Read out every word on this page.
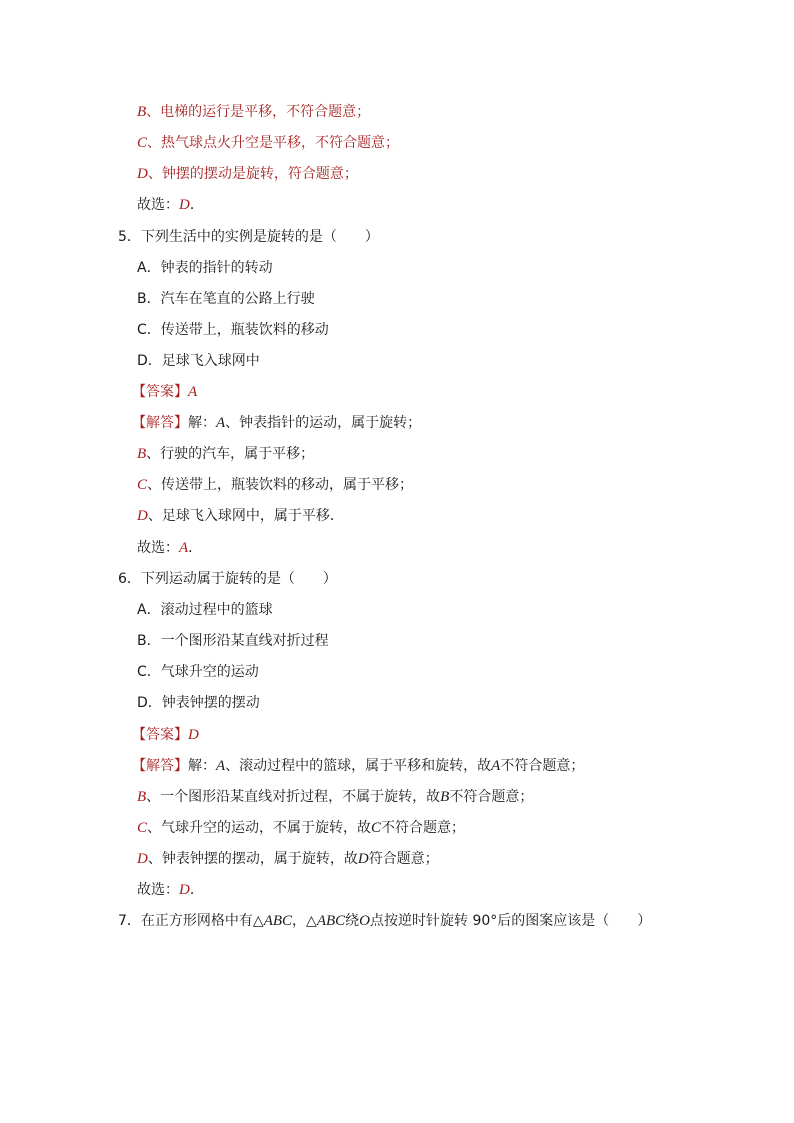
B、电梯的运行是平移，不符合题意；
C、热气球点火升空是平移，不符合题意；
D、钟摆的摆动是旋转，符合题意；
故选：D．
5．下列生活中的实例是旋转的是（　　）
A．钟表的指针的转动
B．汽车在笔直的公路上行驶
C．传送带上，瓶装饮料的移动
D．足球飞入球网中
【答案】A
【解答】解：A、钟表指针的运动，属于旋转；
B、行驶的汽车，属于平移；
C、传送带上，瓶装饮料的移动，属于平移；
D、足球飞入球网中，属于平移．
故选：A．
6．下列运动属于旋转的是（　　）
A．滚动过程中的篮球
B．一个图形沿某直线对折过程
C．气球升空的运动
D．钟表钟摆的摆动
【答案】D
【解答】解：A、滚动过程中的篮球，属于平移和旋转，故A不符合题意；
B、一个图形沿某直线对折过程，不属于旋转，故B不符合题意；
C、气球升空的运动，不属于旋转，故C不符合题意；
D、钟表钟摆的摆动，属于旋转，故D符合题意；
故选：D．
7．在正方形网格中有△ABC，△ABC绕O点按逆时针旋转 90°后的图案应该是（　　）
